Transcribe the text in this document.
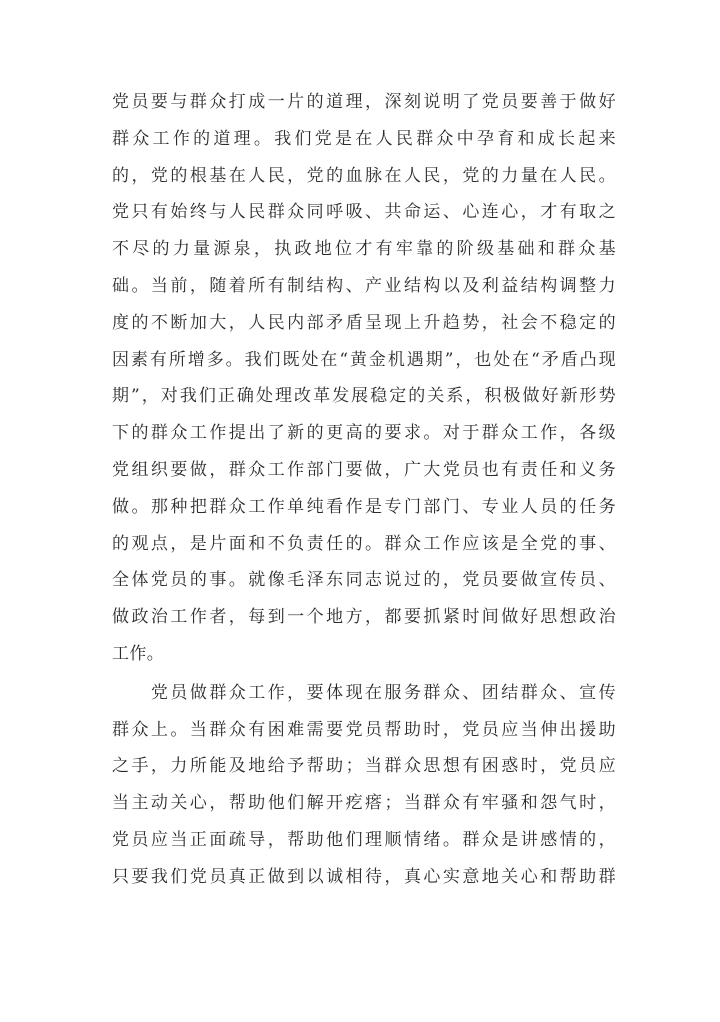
党员要与群众打成一片的道理，深刻说明了党员要善于做好
群众工作的道理。我们党是在人民群众中孕育和成长起来
的，党的根基在人民，党的血脉在人民，党的力量在人民。
党只有始终与人民群众同呼吸、共命运、心连心，才有取之
不尽的力量源泉，执政地位才有牢靠的阶级基础和群众基
础。当前，随着所有制结构、产业结构以及利益结构调整力
度的不断加大，人民内部矛盾呈现上升趋势，社会不稳定的
因素有所增多。我们既处在“黄金机遇期”，也处在“矛盾凸现
期”，对我们正确处理改革发展稳定的关系，积极做好新形势
下的群众工作提出了新的更高的要求。对于群众工作，各级
党组织要做，群众工作部门要做，广大党员也有责任和义务
做。那种把群众工作单纯看作是专门部门、专业人员的任务
的观点，是片面和不负责任的。群众工作应该是全党的事、
全体党员的事。就像毛泽东同志说过的，党员要做宣传员、
做政治工作者，每到一个地方，都要抓紧时间做好思想政治
工作。
　　党员做群众工作，要体现在服务群众、团结群众、宣传
群众上。当群众有困难需要党员帮助时，党员应当伸出援助
之手，力所能及地给予帮助；当群众思想有困惑时，党员应
当主动关心，帮助他们解开疙瘩；当群众有牢骚和怨气时，
党员应当正面疏导，帮助他们理顺情绪。群众是讲感情的，
只要我们党员真正做到以诚相待，真心实意地关心和帮助群
